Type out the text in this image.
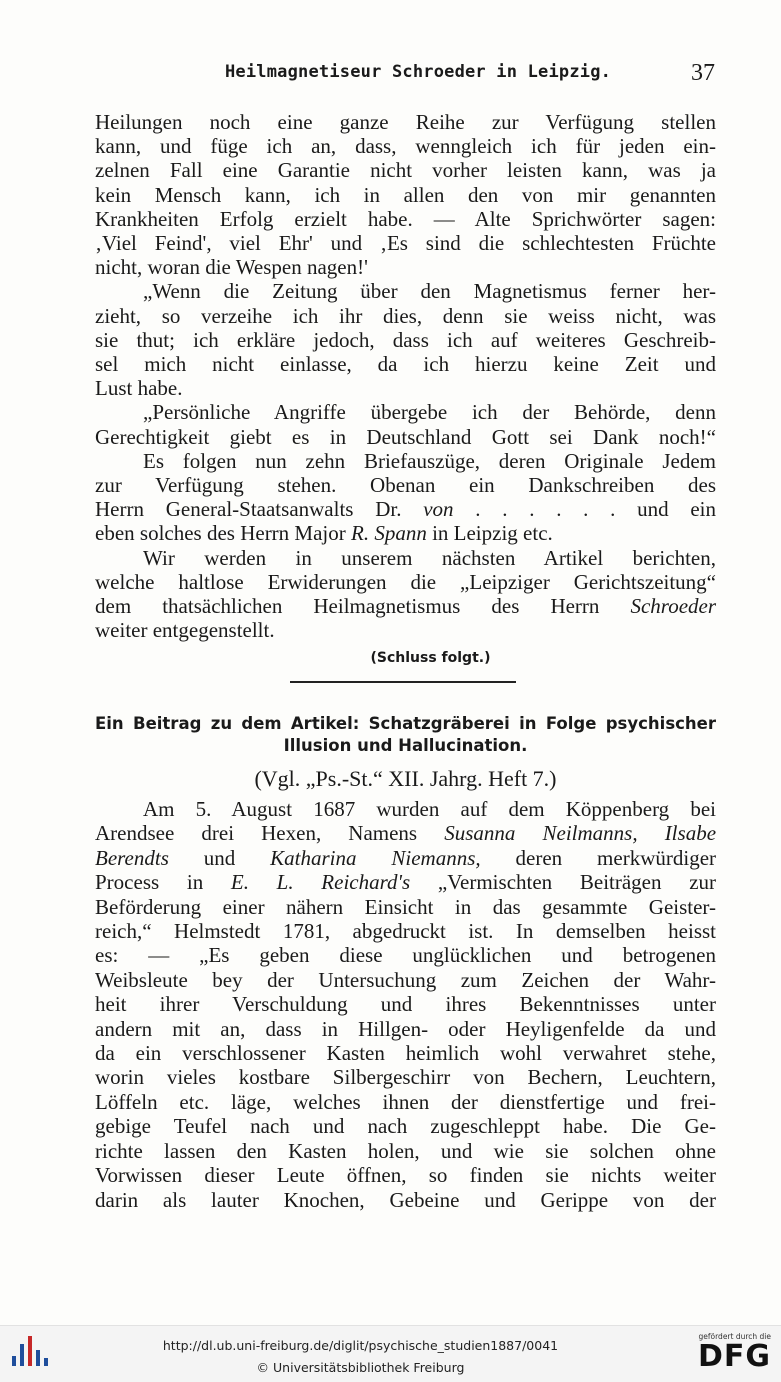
Heilmagnetiseur Schroeder in Leipzig.	37

Heilungen noch eine ganze Reihe zur Verfügung stellen
kann, und füge ich an, dass, wenngleich ich für jeden ein-
zelnen Fall eine Garantie nicht vorher leisten kann, was ja
kein Mensch kann, ich in allen den von mir genannten
Krankheiten Erfolg erzielt habe. — Alte Sprichwörter sagen:
‚Viel Feind', viel Ehr' und ‚Es sind die schlechtesten Früchte
nicht, woran die Wespen nagen!'

„Wenn die Zeitung über den Magnetismus ferner her-
zieht, so verzeihe ich ihr dies, denn sie weiss nicht, was
sie thut; ich erkläre jedoch, dass ich auf weiteres Geschreib-
sel mich nicht einlasse, da ich hierzu keine Zeit und
Lust habe.

„Persönliche Angriffe übergebe ich der Behörde, denn
Gerechtigkeit giebt es in Deutschland Gott sei Dank noch!“

Es folgen nun zehn Briefauszüge, deren Originale Jedem
zur Verfügung stehen. Obenan ein Dankschreiben des
Herrn General-Staatsanwalts Dr. von . . . . . . und ein
eben solches des Herrn Major R. Spann in Leipzig etc.

Wir werden in unserem nächsten Artikel berichten,
welche haltlose Erwiderungen die „Leipziger Gerichtszeitung“
dem thatsächlichen Heilmagnetismus des Herrn Schroeder
weiter entgegenstellt.

(Schluss folgt.)
Ein Beitrag zu dem Artikel: Schatzgräberei in Folge psychischer
Illusion und Hallucination.
(Vgl. „Ps.-St.“ XII. Jahrg. Heft 7.)
Am 5. August 1687 wurden auf dem Köppenberg bei
Arendsee drei Hexen, Namens Susanna Neilmanns, Ilsabe
Berendts und Katharina Niemanns, deren merkwürdiger
Process in E. L. Reichard's „Vermischten Beiträgen zur
Beförderung einer nähern Einsicht in das gesammte Geister-
reich,“ Helmstedt 1781, abgedruckt ist. In demselben heisst
es: — „Es geben diese unglücklichen und betrogenen
Weibsleute bey der Untersuchung zum Zeichen der Wahr-
heit ihrer Verschuldung und ihres Bekenntnisses unter
andern mit an, dass in Hillgen- oder Heyligenfelde da und
da ein verschlossener Kasten heimlich wohl verwahret stehe,
worin vieles kostbare Silbergeschirr von Bechern, Leuchtern,
Löffeln etc. läge, welches ihnen der dienstfertige und frei-
gebige Teufel nach und nach zugeschleppt habe. Die Ge-
richte lassen den Kasten holen, und wie sie solchen ohne
Vorwissen dieser Leute öffnen, so finden sie nichts weiter
darin als lauter Knochen, Gebeine und Gerippe von der
http://dl.ub.uni-freiburg.de/diglit/psychische_studien1887/0041
© Universitätsbibliothek Freiburg
gefördert durch die
DFG
